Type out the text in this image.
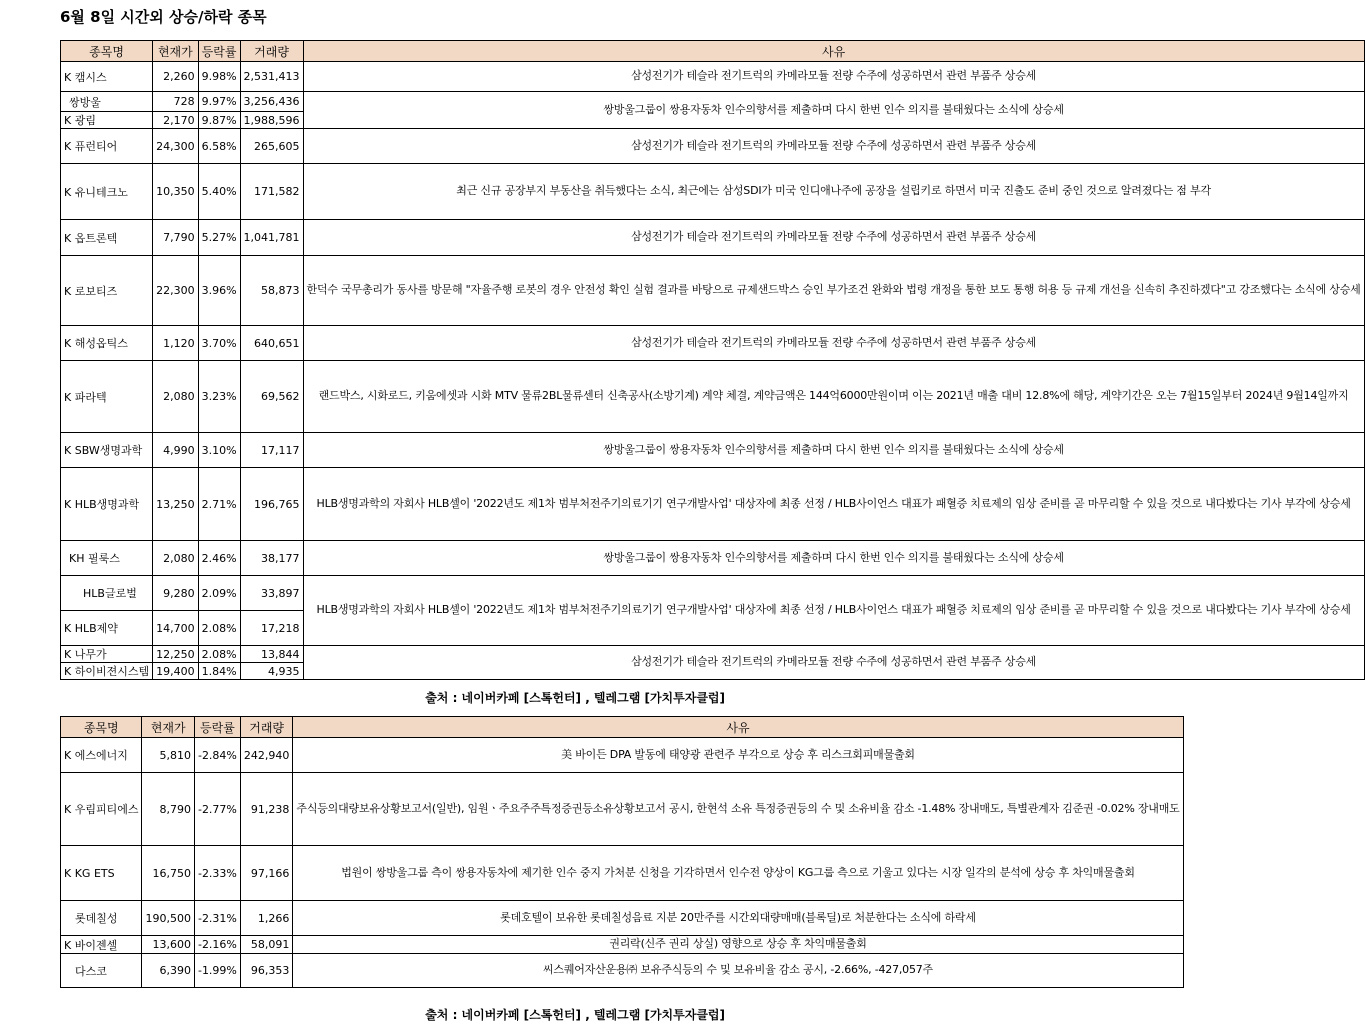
6월 8일 시간외 상승/하락 종목
종목명	현재가	등락률	거래량	사유
K 캠시스	2,260	9.98%	2,531,413	삼성전기가 테슬라 전기트럭의 카메라모듈 전량 수주에 성공하면서 관련 부품주 상승세
쌍방울	728	9.97%	3,256,436	쌍방울그룹이 쌍용자동차 인수의향서를 제출하며 다시 한번 인수 의지를 불태웠다는 소식에 상승세
K 광림	2,170	9.87%	1,988,596	
K 퓨런티어	24,300	6.58%	265,605	삼성전기가 테슬라 전기트럭의 카메라모듈 전량 수주에 성공하면서 관련 부품주 상승세
K 유니테크노	10,350	5.40%	171,582	최근 신규 공장부지 부동산을 취득했다는 소식, 최근에는 삼성SDI가 미국 인디애나주에 공장을 설립키로 하면서 미국 진출도 준비 중인 것으로 알려졌다는 점 부각
K 옵트론텍	7,790	5.27%	1,041,781	삼성전기가 테슬라 전기트럭의 카메라모듈 전량 수주에 성공하면서 관련 부품주 상승세
K 로보티즈	22,300	3.96%	58,873	한덕수 국무총리가 동사를 방문해 "자율주행 로봇의 경우 안전성 확인 실험 결과를 바탕으로 규제샌드박스 승인 부가조건 완화와 법령 개정을 통한 보도 통행 허용 등 규제 개선을 신속히 추진하겠다"고 강조했다는 소식에 상승세
K 해성옵틱스	1,120	3.70%	640,651	삼성전기가 테슬라 전기트럭의 카메라모듈 전량 수주에 성공하면서 관련 부품주 상승세
K 파라텍	2,080	3.23%	69,562	랜드박스, 시화로드, 키움에셋과 시화 MTV 물류2BL물류센터 신축공사(소방기계) 계약 체결, 계약금액은 144억6000만원이며 이는 2021년 매출 대비 12.8%에 해당, 계약기간은 오는 7월15일부터 2024년 9월14일까지
K SBW생명과학	4,990	3.10%	17,117	쌍방울그룹이 쌍용자동차 인수의향서를 제출하며 다시 한번 인수 의지를 불태웠다는 소식에 상승세
K HLB생명과학	13,250	2.71%	196,765	HLB생명과학의 자회사 HLB셀이 '2022년도 제1차 범부처전주기의료기기 연구개발사업' 대상자에 최종 선정 / HLB사이언스 대표가 패혈증 치료제의 임상 준비를 곧 마무리할 수 있을 것으로 내다봤다는 기사 부각에 상승세
KH 필룩스	2,080	2.46%	38,177	쌍방울그룹이 쌍용자동차 인수의향서를 제출하며 다시 한번 인수 의지를 불태웠다는 소식에 상승세
HLB글로벌	9,280	2.09%	33,897	HLB생명과학의 자회사 HLB셀이 '2022년도 제1차 범부처전주기의료기기 연구개발사업' 대상자에 최종 선정 / HLB사이언스 대표가 패혈증 치료제의 임상 준비를 곧 마무리할 수 있을 것으로 내다봤다는 기사 부각에 상승세
K HLB제약	14,700	2.08%	17,218	
K 나무가	12,250	2.08%	13,844	삼성전기가 테슬라 전기트럭의 카메라모듈 전량 수주에 성공하면서 관련 부품주 상승세
K 하이비젼시스템	19,400	1.84%	4,935	
출처 : 네이버카페 [스톡헌터] , 텔레그램 [가치투자클럽]
종목명	현재가	등락률	거래량	사유
K 에스에너지	5,810	-2.84%	242,940	美 바이든 DPA 발동에 태양광 관련주 부각으로 상승 후 리스크회피매물출회
K 우림피티에스	8,790	-2.77%	91,238	주식등의대량보유상황보고서(일반), 임원ㆍ주요주주특정증권등소유상황보고서 공시, 한현석 소유 특정증권등의 수 및 소유비율 감소 -1.48% 장내매도, 특별관계자 김준권 -0.02% 장내매도
K KG ETS	16,750	-2.33%	97,166	법원이 쌍방울그룹 측이 쌍용자동차에 제기한 인수 중지 가처분 신청을 기각하면서 인수전 양상이 KG그룹 측으로 기울고 있다는 시장 일각의 분석에 상승 후 차익매물출회
롯데칠성	190,500	-2.31%	1,266	롯데호텔이 보유한 롯데칠성음료 지분 20만주를 시간외대량매매(블록딜)로 처분한다는 소식에 하락세
K 바이젠셀	13,600	-2.16%	58,091	권리락(신주 권리 상실) 영향으로 상승 후 차익매물출회
다스코	6,390	-1.99%	96,353	씨스퀘어자산운용㈜ 보유주식등의 수 및 보유비율 감소 공시, -2.66%, -427,057주
출처 : 네이버카페 [스톡헌터] , 텔레그램 [가치투자클럽]
